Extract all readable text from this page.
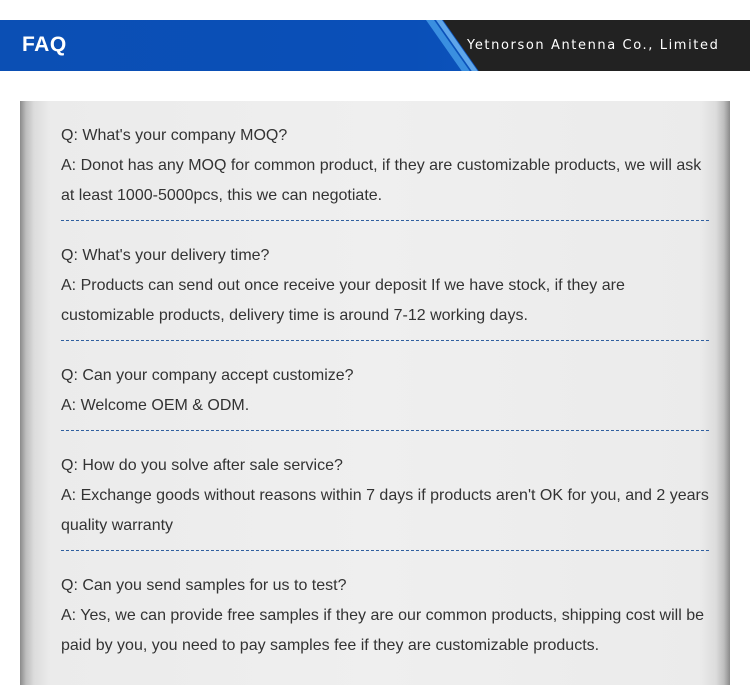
FAQ	Yetnorson Antenna Co., Limited

Q: What's your company MOQ?

A: Donot has any MOQ for common product, if they are customizable products, we will ask at least 1000-5000pcs, this we can negotiate.

Q: What's your delivery time?

A: Products can send out once receive your deposit If we have stock, if they are customizable products, delivery time is around 7-12 working days.

Q: Can your company accept customize?

A: Welcome OEM & ODM.

Q: How do you solve after sale service?

A: Exchange goods without reasons within 7 days if products aren't OK for you, and 2 years quality warranty

Q: Can you send samples for us to test?

A: Yes, we can provide free samples if they are our common products, shipping cost will be paid by you, you need to pay samples fee if they are customizable products.
